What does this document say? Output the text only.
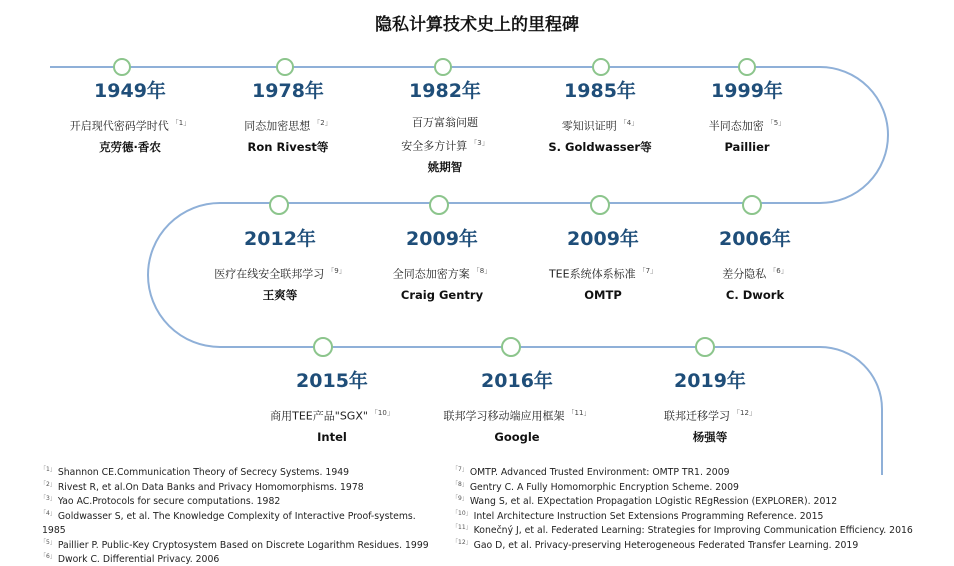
隐私计算技术史上的里程碑
1949年
开启现代密码学时代 $^{「1」}$
克劳德·香农
1978年
同态加密思想 $^{「2」}$
Ron Rivest等
1982年
百万富翁问题
安全多方计算 $^{「3」}$
姚期智
1985年
零知识证明 $^{「4」}$
S. Goldwasser等
1999年
半同态加密 $^{「5」}$
Paillier
2006年
差分隐私 $^{「6」}$
C. Dwork
2009年
TEE系统体系标准 $^{「7」}$
OMTP
2009年
全同态加密方案 $^{「8」}$
Craig Gentry
2012年
医疗在线安全联邦学习 $^{「9」}$
王爽等
2015年
商用TEE产品"SGX" $^{「10」}$
Intel
2016年
联邦学习移动端应用框架 $^{「11」}$
Google
2019年
联邦迁移学习 $^{「12」}$
杨强等
$^{「1」}$ Shannon CE.Communication Theory of Secrecy Systems. 1949
$^{「2」}$ Rivest R, et al.On Data Banks and Privacy Homomorphisms. 1978
$^{「3」}$ Yao AC.Protocols for secure computations. 1982
$^{「4」}$ Goldwasser S, et al. The Knowledge Complexity of Interactive Proof-systems.
1985
$^{「5」}$ Paillier P. Public-Key Cryptosystem Based on Discrete Logarithm Residues. 1999
$^{「6」}$ Dwork C. Differential Privacy. 2006
$^{「7」}$ OMTP. Advanced Trusted Environment: OMTP TR1. 2009
$^{「8」}$ Gentry C. A Fully Homomorphic Encryption Scheme. 2009
$^{「9」}$ Wang S, et al. EXpectation Propagation LOgistic REgRession (EXPLORER). 2012
$^{「10」}$ Intel Architecture Instruction Set Extensions Programming Reference. 2015
$^{「11」}$ Konečný J, et al. Federated Learning: Strategies for Improving Communication Efficiency. 2016
$^{「12」}$ Gao D, et al. Privacy-preserving Heterogeneous Federated Transfer Learning. 2019
